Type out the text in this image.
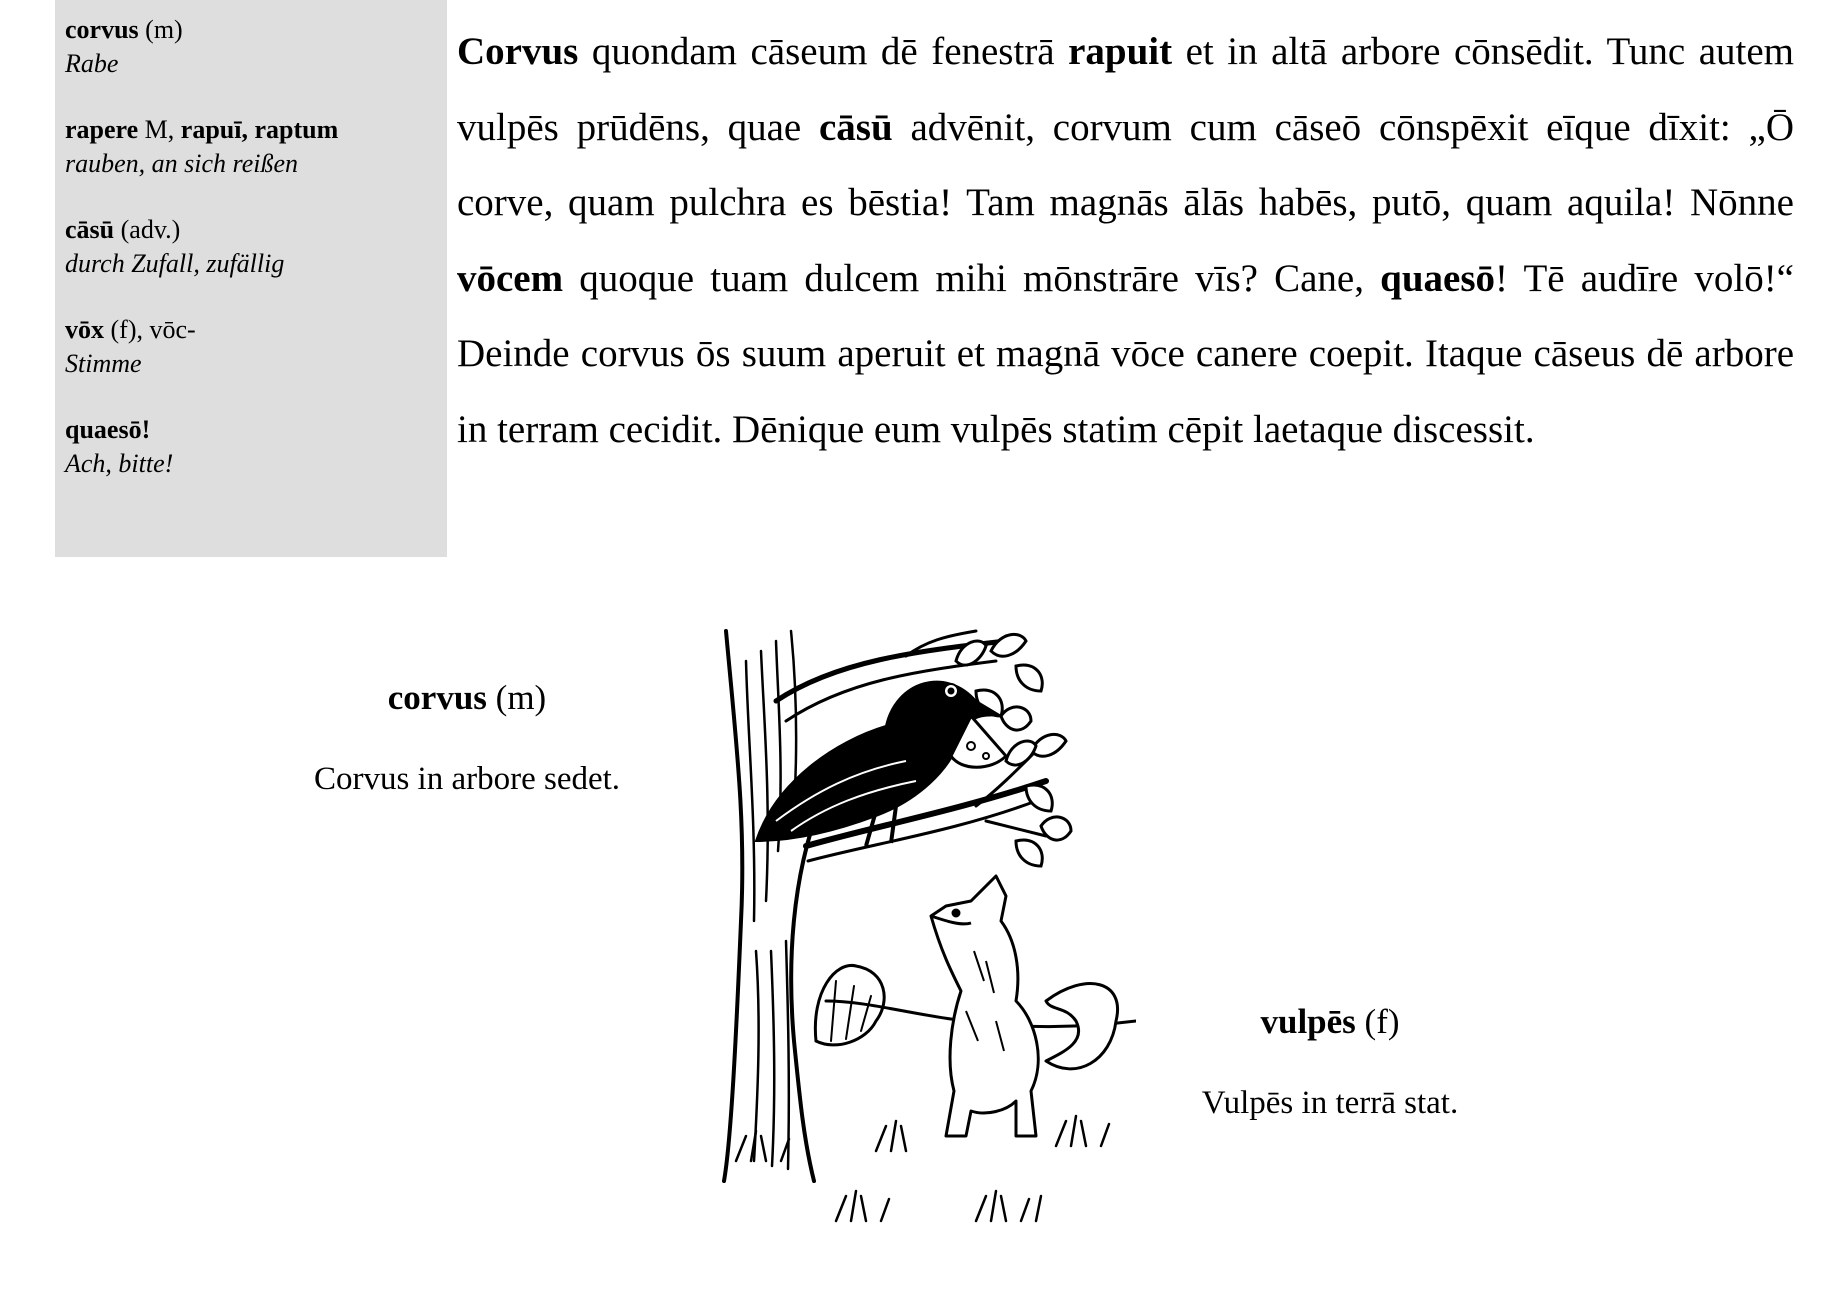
corvus (m)
Rabe
rapere M, rapuī, raptum
rauben, an sich reißen
cāsū (adv.)
durch Zufall, zufällig
vōx (f), vōc-
Stimme
quaesō!
Ach, bitte!
Corvus quondam cāseum dē fenestrā rapuit et in altā arbore cōnsēdit. Tunc autem vulpēs prūdēns, quae cāsū advēnit, corvum cum cāseō cōnspēxit eīque dīxit: „Ō corve, quam pulchra es bēstia! Tam magnās ālās habēs, putō, quam aquila! Nōnne vōcem quoque tuam dulcem mihi mōnstrāre vīs? Cane, quaesō! Tē audīre volō!“ Deinde corvus ōs suum aperuit et magnā vōce canere coepit. Itaque cāseus dē arbore in terram cecidit. Dēnique eum vulpēs statim cēpit laetaque discessit.
corvus (m)
Corvus in arbore sedet.
vulpēs (f)
Vulpēs in terrā stat.
